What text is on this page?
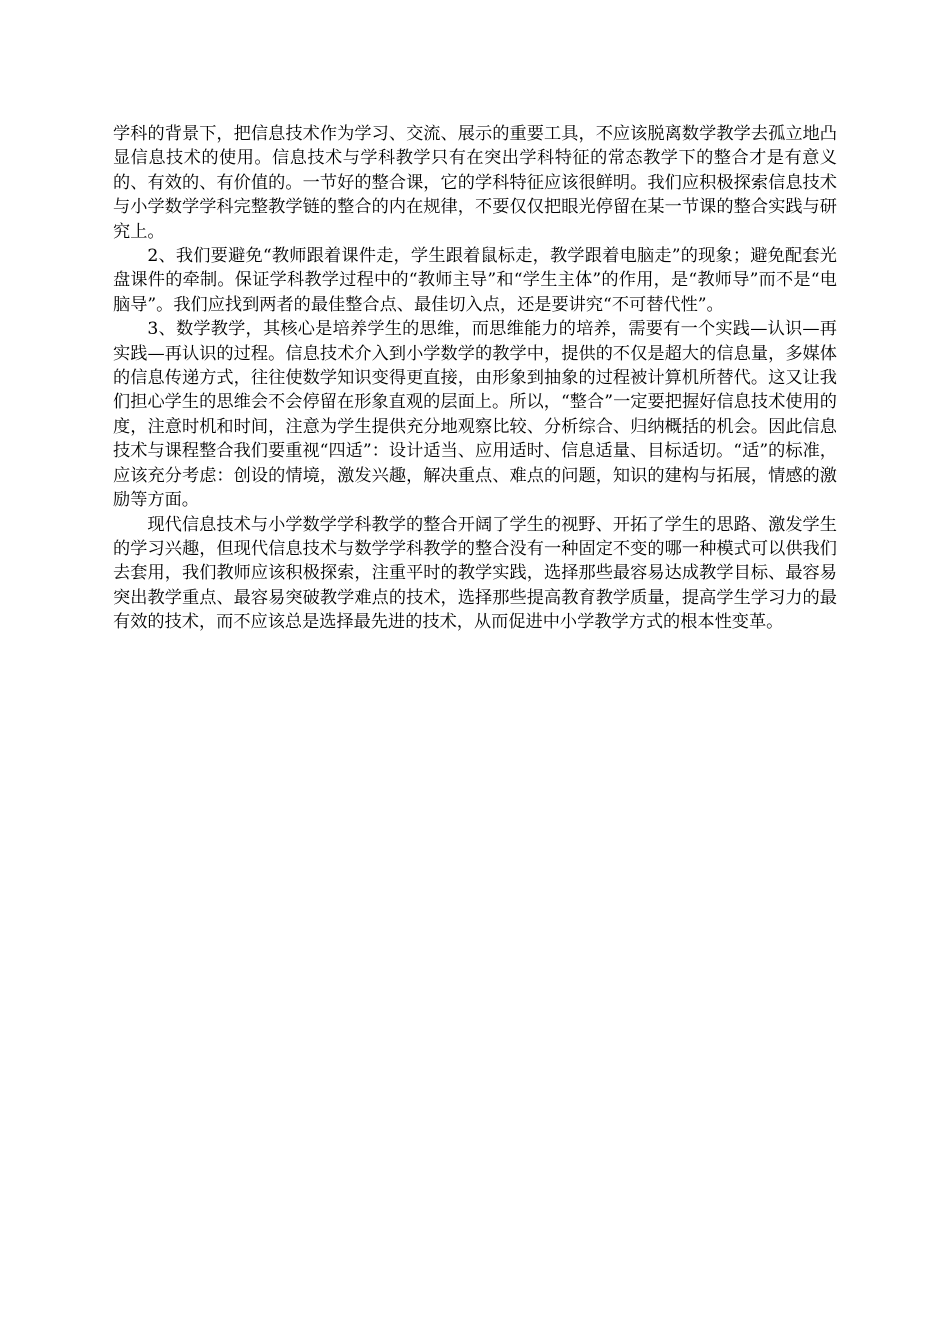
学科的背景下，把信息技术作为学习、交流、展示的重要工具，不应该脱离数学教学去孤立地凸显信息技术的使用。信息技术与学科教学只有在突出学科特征的常态教学下的整合才是有意义的、有效的、有价值的。一节好的整合课，它的学科特征应该很鲜明。我们应积极探索信息技术与小学数学学科完整教学链的整合的内在规律，不要仅仅把眼光停留在某一节课的整合实践与研究上。

2、我们要避免“教师跟着课件走，学生跟着鼠标走，教学跟着电脑走”的现象；避免配套光盘课件的牵制。保证学科教学过程中的“教师主导”和“学生主体”的作用，是“教师导”而不是“电脑导”。我们应找到两者的最佳整合点、最佳切入点，还是要讲究“不可替代性”。

3、数学教学，其核心是培养学生的思维，而思维能力的培养，需要有一个实践—认识—再实践—再认识的过程。信息技术介入到小学数学的教学中，提供的不仅是超大的信息量，多媒体的信息传递方式，往往使数学知识变得更直接，由形象到抽象的过程被计算机所替代。这又让我们担心学生的思维会不会停留在形象直观的层面上。所以，“整合”一定要把握好信息技术使用的度，注意时机和时间，注意为学生提供充分地观察比较、分析综合、归纳概括的机会。因此信息技术与课程整合我们要重视“四适”：设计适当、应用适时、信息适量、目标适切。“适”的标准，应该充分考虑：创设的情境，激发兴趣，解决重点、难点的问题，知识的建构与拓展，情感的激励等方面。

现代信息技术与小学数学学科教学的整合开阔了学生的视野、开拓了学生的思路、激发学生的学习兴趣，但现代信息技术与数学学科教学的整合没有一种固定不变的哪一种模式可以供我们去套用，我们教师应该积极探索，注重平时的教学实践，选择那些最容易达成教学目标、最容易突出教学重点、最容易突破教学难点的技术，选择那些提高教育教学质量，提高学生学习力的最有效的技术，而不应该总是选择最先进的技术，从而促进中小学教学方式的根本性变革。
